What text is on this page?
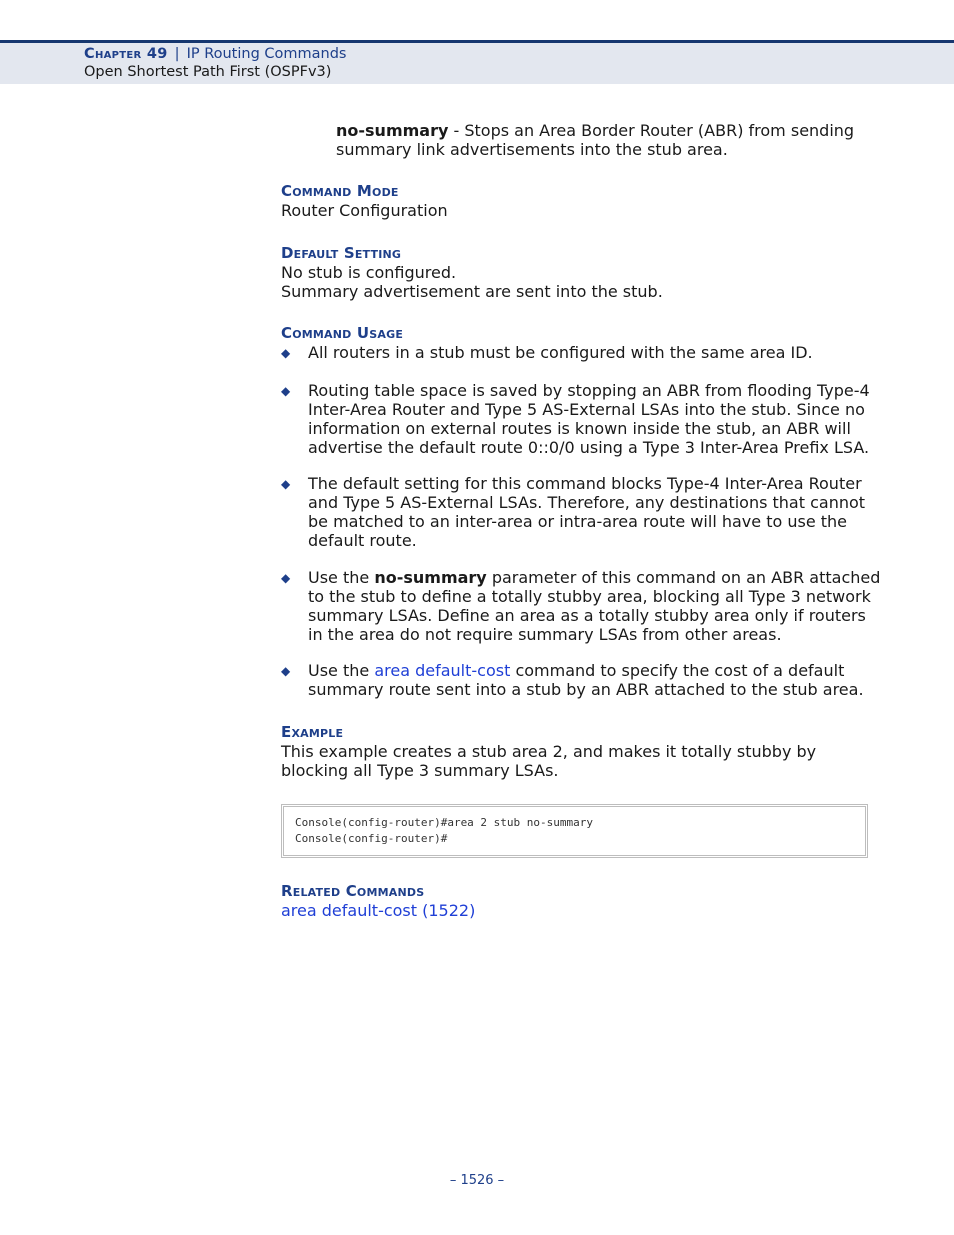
Chapter 49 | IP Routing Commands
Open Shortest Path First (OSPFv3)

no-summary - Stops an Area Border Router (ABR) from sending summary link advertisements into the stub area.

Command Mode

Router Configuration

Default Setting

No stub is configured.

Summary advertisement are sent into the stub.

Command Usage
◆ All routers in a stub must be configured with the same area ID.

◆ Routing table space is saved by stopping an ABR from flooding Type-4 Inter-Area Router and Type 5 AS-External LSAs into the stub. Since no information on external routes is known inside the stub, an ABR will advertise the default route 0::0/0 using a Type 3 Inter-Area Prefix LSA.

◆ The default setting for this command blocks Type-4 Inter-Area Router and Type 5 AS-External LSAs. Therefore, any destinations that cannot be matched to an inter-area or intra-area route will have to use the default route.

◆ Use the no-summary parameter of this command on an ABR attached to the stub to define a totally stubby area, blocking all Type 3 network summary LSAs. Define an area as a totally stubby area only if routers in the area do not require summary LSAs from other areas.

◆ Use the area default-cost command to specify the cost of a default summary route sent into a stub by an ABR attached to the stub area.

Example

This example creates a stub area 2, and makes it totally stubby by blocking all Type 3 summary LSAs.

Console(config-router)#area 2 stub no-summary
Console(config-router)#
Related Commands

area default-cost (1522)

– 1526 –
